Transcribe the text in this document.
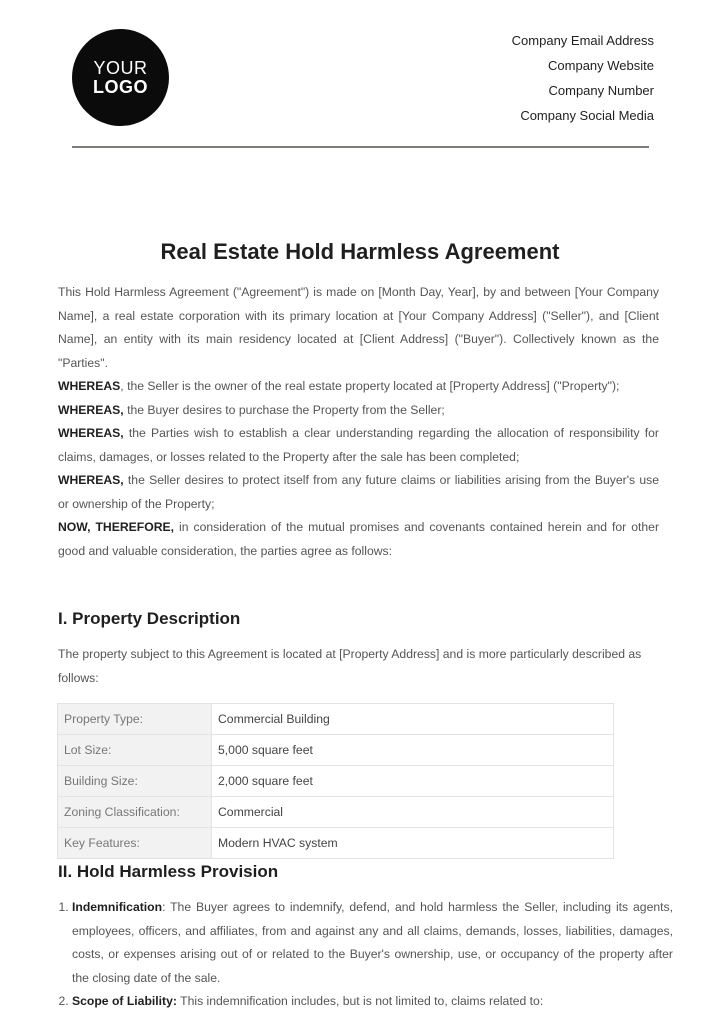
YOUR
LOGO
Company Email Address
Company Website
Company Number
Company Social Media
Real Estate Hold Harmless Agreement

This Hold Harmless Agreement ("Agreement") is made on [Month Day, Year], by and between [Your Company Name], a real estate corporation with its primary location at [Your Company Address] ("Seller"), and [Client Name], an entity with its main residency located at [Client Address] ("Buyer"). Collectively known as the "Parties".

WHEREAS, the Seller is the owner of the real estate property located at [Property Address] ("Property");

WHEREAS, the Buyer desires to purchase the Property from the Seller;

WHEREAS, the Parties wish to establish a clear understanding regarding the allocation of responsibility for claims, damages, or losses related to the Property after the sale has been completed;

WHEREAS, the Seller desires to protect itself from any future claims or liabilities arising from the Buyer's use or ownership of the Property;

NOW, THEREFORE, in consideration of the mutual promises and covenants contained herein and for other good and valuable consideration, the parties agree as follows:

I. Property Description

The property subject to this Agreement is located at [Property Address] and is more particularly described as follows:

Property Type:	Commercial Building
Lot Size:	5,000 square feet
Building Size:	2,000 square feet
Zoning Classification:	Commercial
Key Features:	Modern HVAC system
II. Hold Harmless Provision
1. Indemnification: The Buyer agrees to indemnify, defend, and hold harmless the Seller, including its agents, employees, officers, and affiliates, from and against any and all claims, demands, losses, liabilities, damages, costs, or expenses arising out of or related to the Buyer's ownership, use, or occupancy of the property after the closing date of the sale.
2. Scope of Liability: This indemnification includes, but is not limited to, claims related to:
